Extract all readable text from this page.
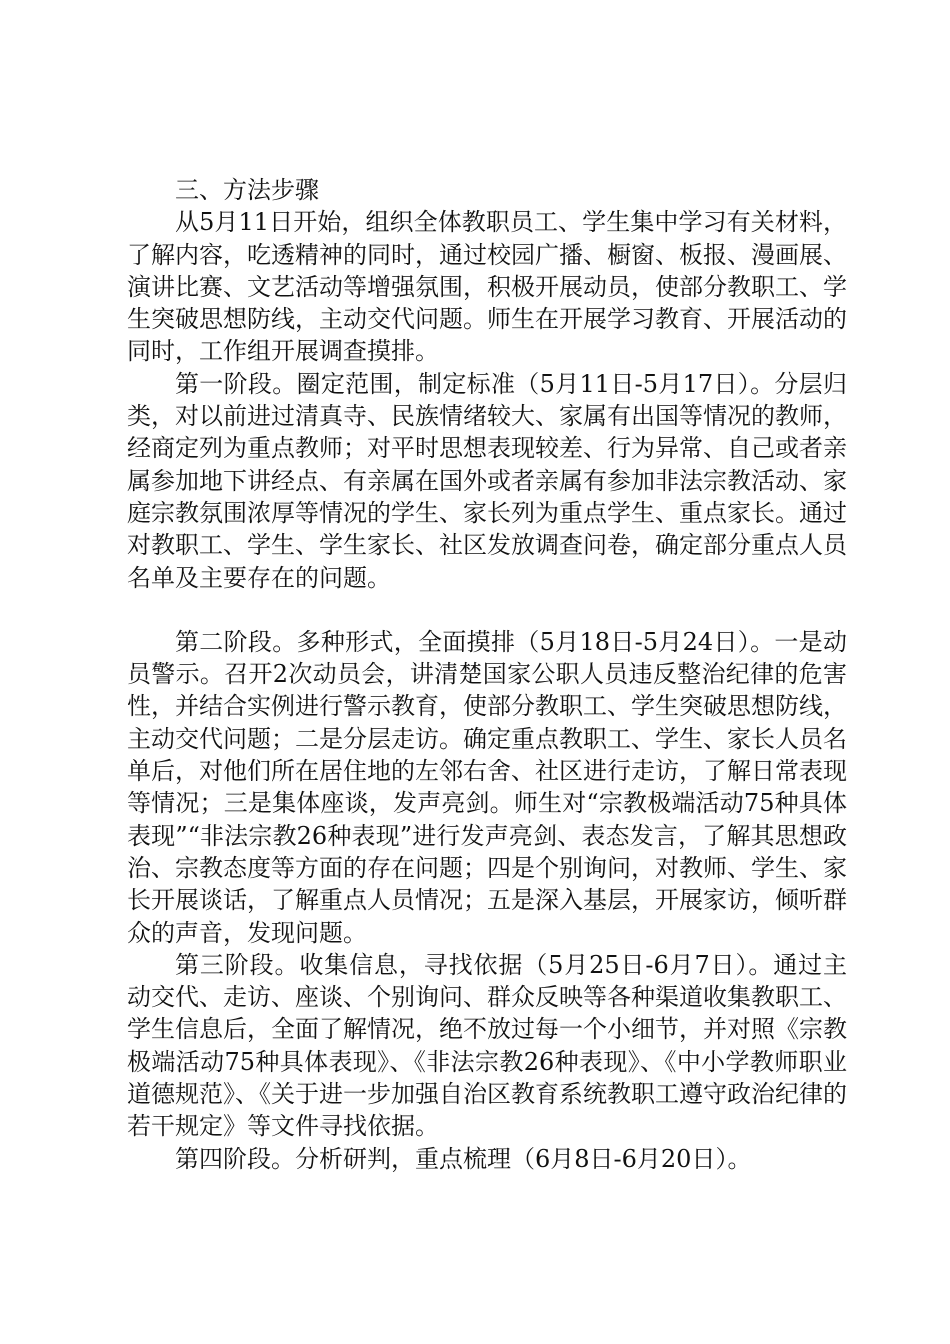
三、方法步骤

从5月11日开始，组织全体教职员工、学生集中学习有关材料，了解内容，吃透精神的同时，通过校园广播、橱窗、板报、漫画展、演讲比赛、文艺活动等增强氛围，积极开展动员，使部分教职工、学生突破思想防线，主动交代问题。师生在开展学习教育、开展活动的同时，工作组开展调查摸排。

第一阶段。圈定范围，制定标准（5月11日-5月17日）。分层归类，对以前进过清真寺、民族情绪较大、家属有出国等情况的教师，经商定列为重点教师；对平时思想表现较差、行为异常、自己或者亲属参加地下讲经点、有亲属在国外或者亲属有参加非法宗教活动、家庭宗教氛围浓厚等情况的学生、家长列为重点学生、重点家长。通过对教职工、学生、学生家长、社区发放调查问卷，确定部分重点人员名单及主要存在的问题。

第二阶段。多种形式，全面摸排（5月18日-5月24日）。一是动员警示。召开2次动员会，讲清楚国家公职人员违反整治纪律的危害性，并结合实例进行警示教育，使部分教职工、学生突破思想防线，主动交代问题；二是分层走访。确定重点教职工、学生、家长人员名单后，对他们所在居住地的左邻右舍、社区进行走访，了解日常表现等情况；三是集体座谈，发声亮剑。师生对“宗教极端活动75种具体表现”“非法宗教26种表现”进行发声亮剑、表态发言，了解其思想政治、宗教态度等方面的存在问题；四是个别询问，对教师、学生、家长开展谈话，了解重点人员情况；五是深入基层，开展家访，倾听群众的声音，发现问题。

第三阶段。收集信息，寻找依据（5月25日-6月7日）。通过主动交代、走访、座谈、个别询问、群众反映等各种渠道收集教职工、学生信息后，全面了解情况，绝不放过每一个小细节，并对照《宗教极端活动75种具体表现》、《非法宗教26种表现》、《中小学教师职业道德规范》、《关于进一步加强自治区教育系统教职工遵守政治纪律的若干规定》等文件寻找依据。

第四阶段。分析研判，重点梳理（6月8日-6月20日）。
